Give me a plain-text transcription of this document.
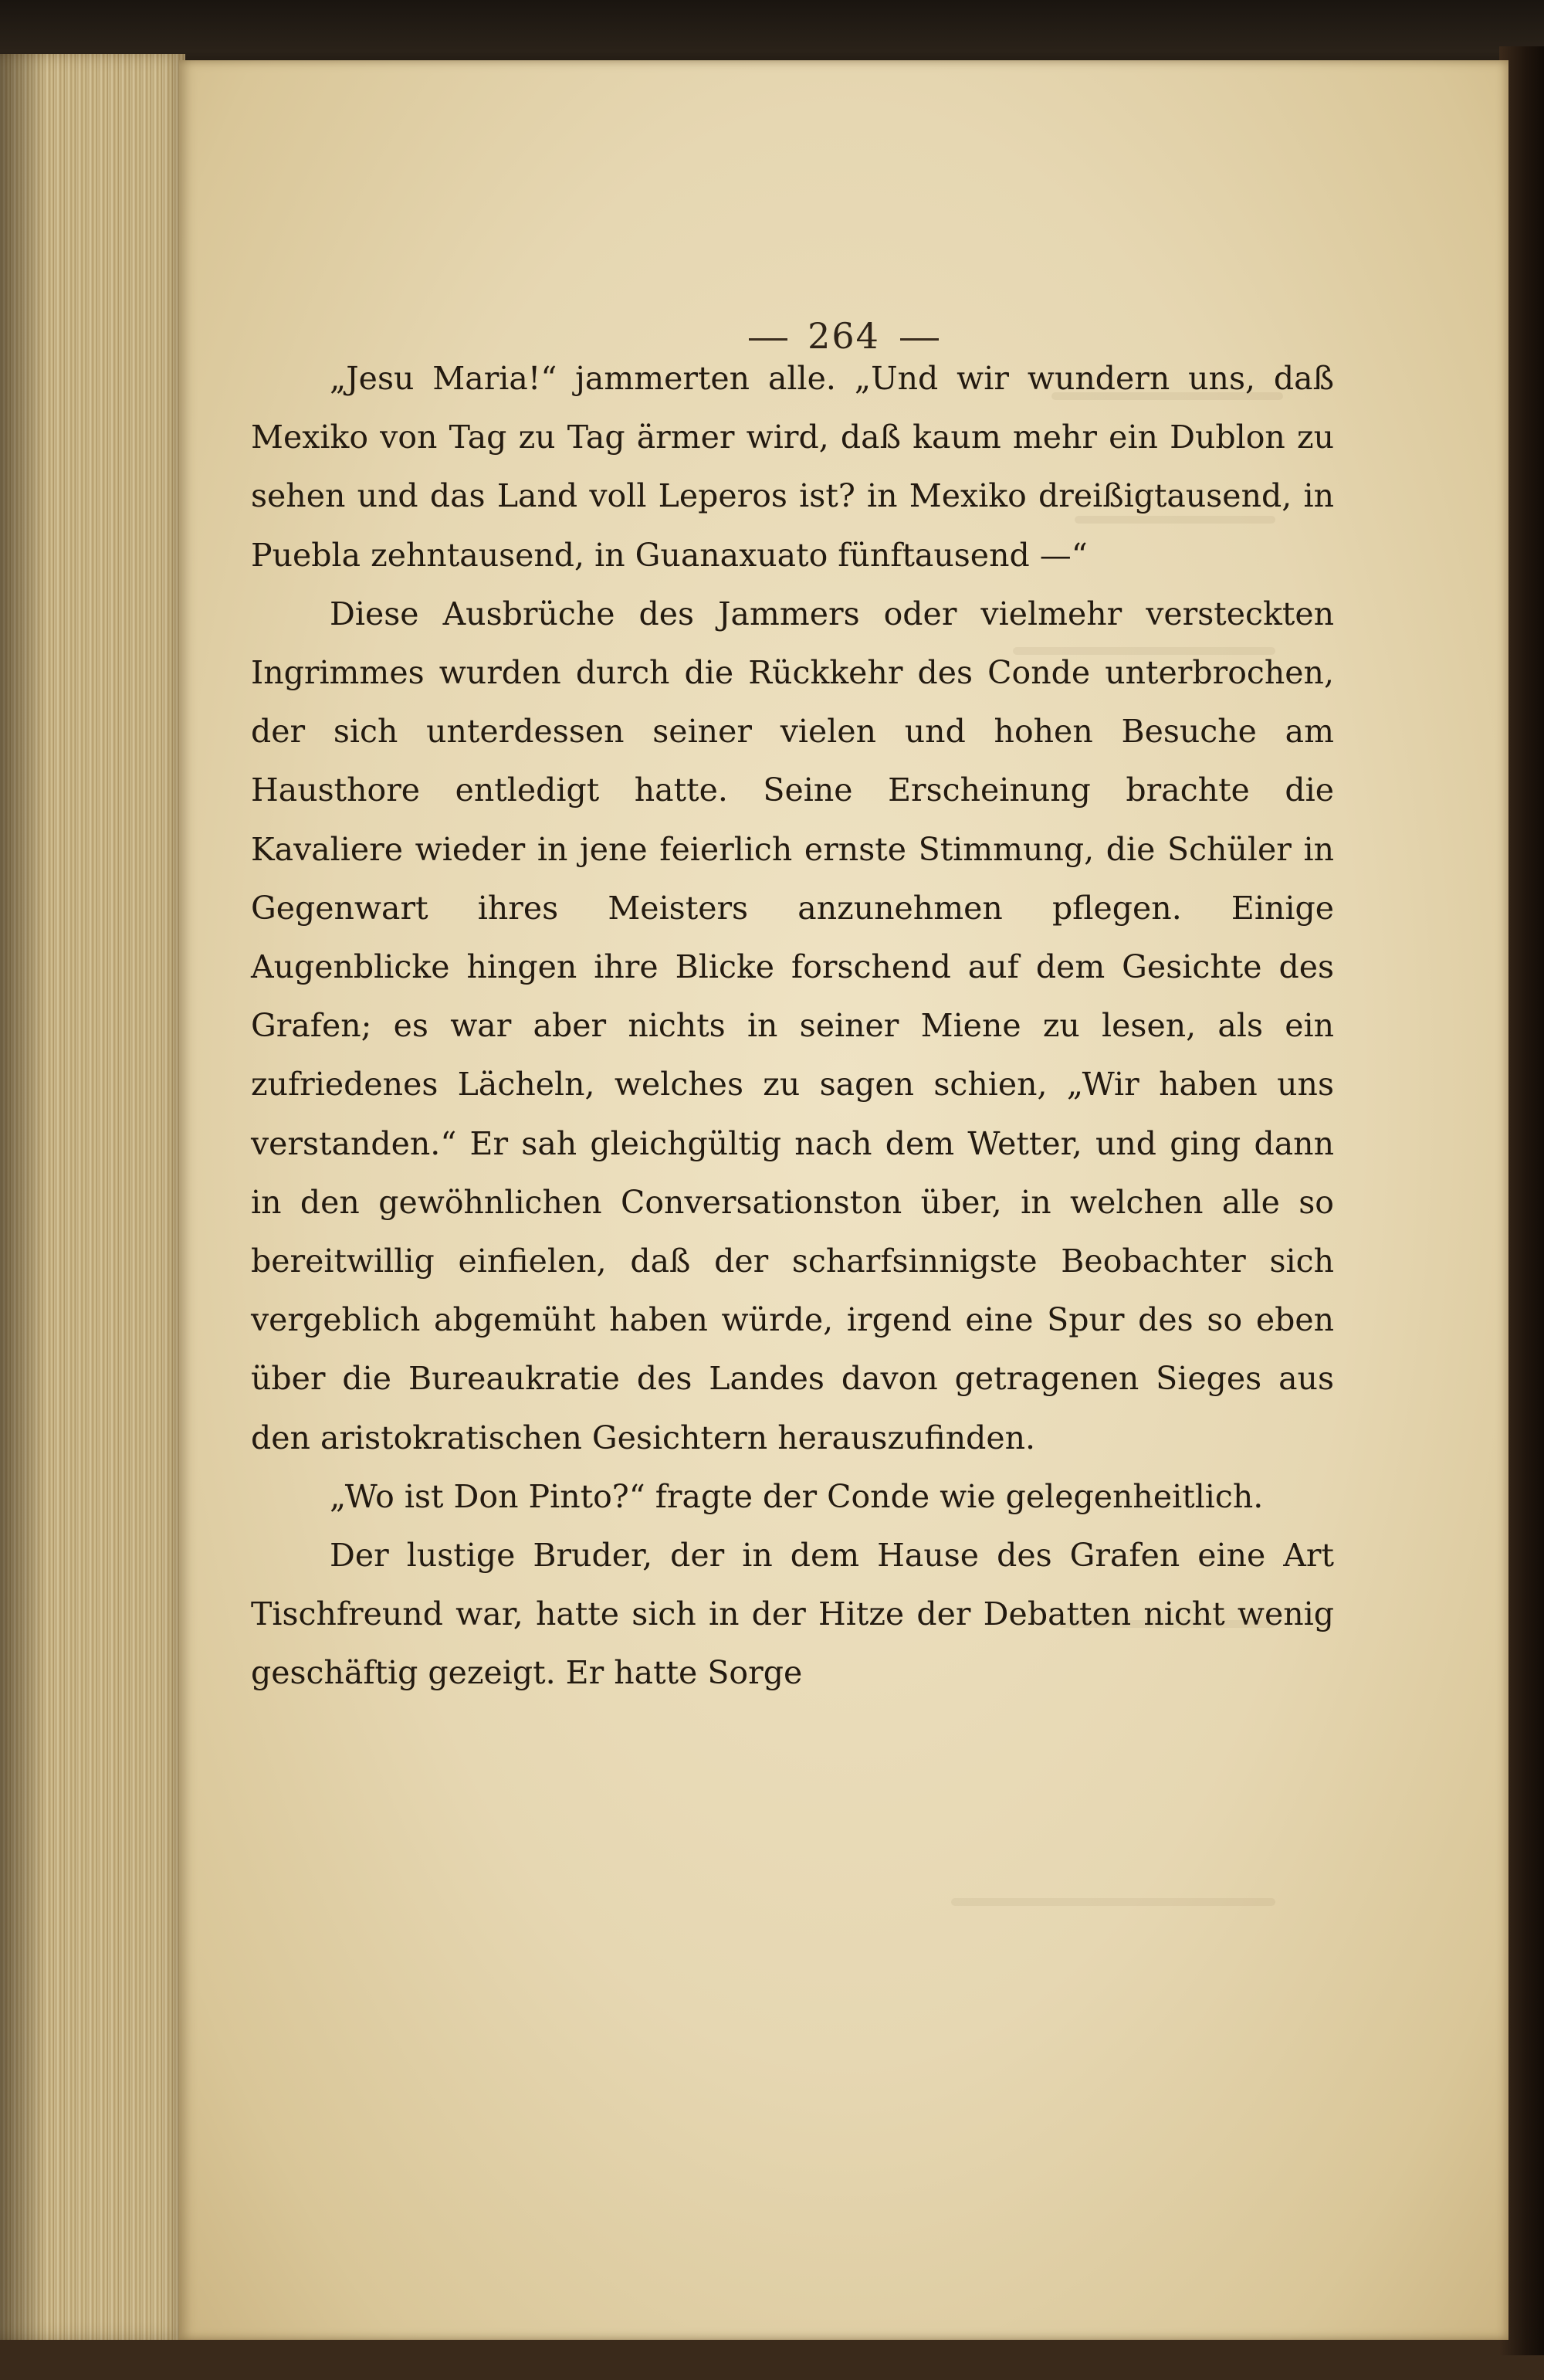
264

„Jesu Maria!“ jammerten alle. „Und wir wundern uns, daß Mexiko von Tag zu Tag ärmer wird, daß kaum mehr ein Dublon zu sehen und das Land voll Leperos ist? in Mexiko dreißigtausend, in Puebla zehntausend, in Guanaxuato fünftausend —“

Diese Ausbrüche des Jammers oder vielmehr versteckten Ingrimmes wurden durch die Rückkehr des Conde unterbrochen, der sich unterdessen seiner vielen und hohen Besuche am Hausthore entledigt hatte. Seine Erscheinung brachte die Kavaliere wieder in jene feierlich ernste Stimmung, die Schüler in Gegenwart ihres Meisters anzunehmen pflegen. Einige Augenblicke hingen ihre Blicke forschend auf dem Gesichte des Grafen; es war aber nichts in seiner Miene zu lesen, als ein zufriedenes Lächeln, welches zu sagen schien, „Wir haben uns verstanden.“ Er sah gleichgültig nach dem Wetter, und ging dann in den gewöhnlichen Conversationston über, in welchen alle so bereitwillig einfielen, daß der scharfsinnigste Beobachter sich vergeblich abgemüht haben würde, irgend eine Spur des so eben über die Bureaukratie des Landes davon getragenen Sieges aus den aristokratischen Gesichtern herauszufinden.

„Wo ist Don Pinto?“ fragte der Conde wie gelegenheitlich.

Der lustige Bruder, der in dem Hause des Grafen eine Art Tischfreund war, hatte sich in der Hitze der Debatten nicht wenig geschäftig gezeigt. Er hatte Sorge
